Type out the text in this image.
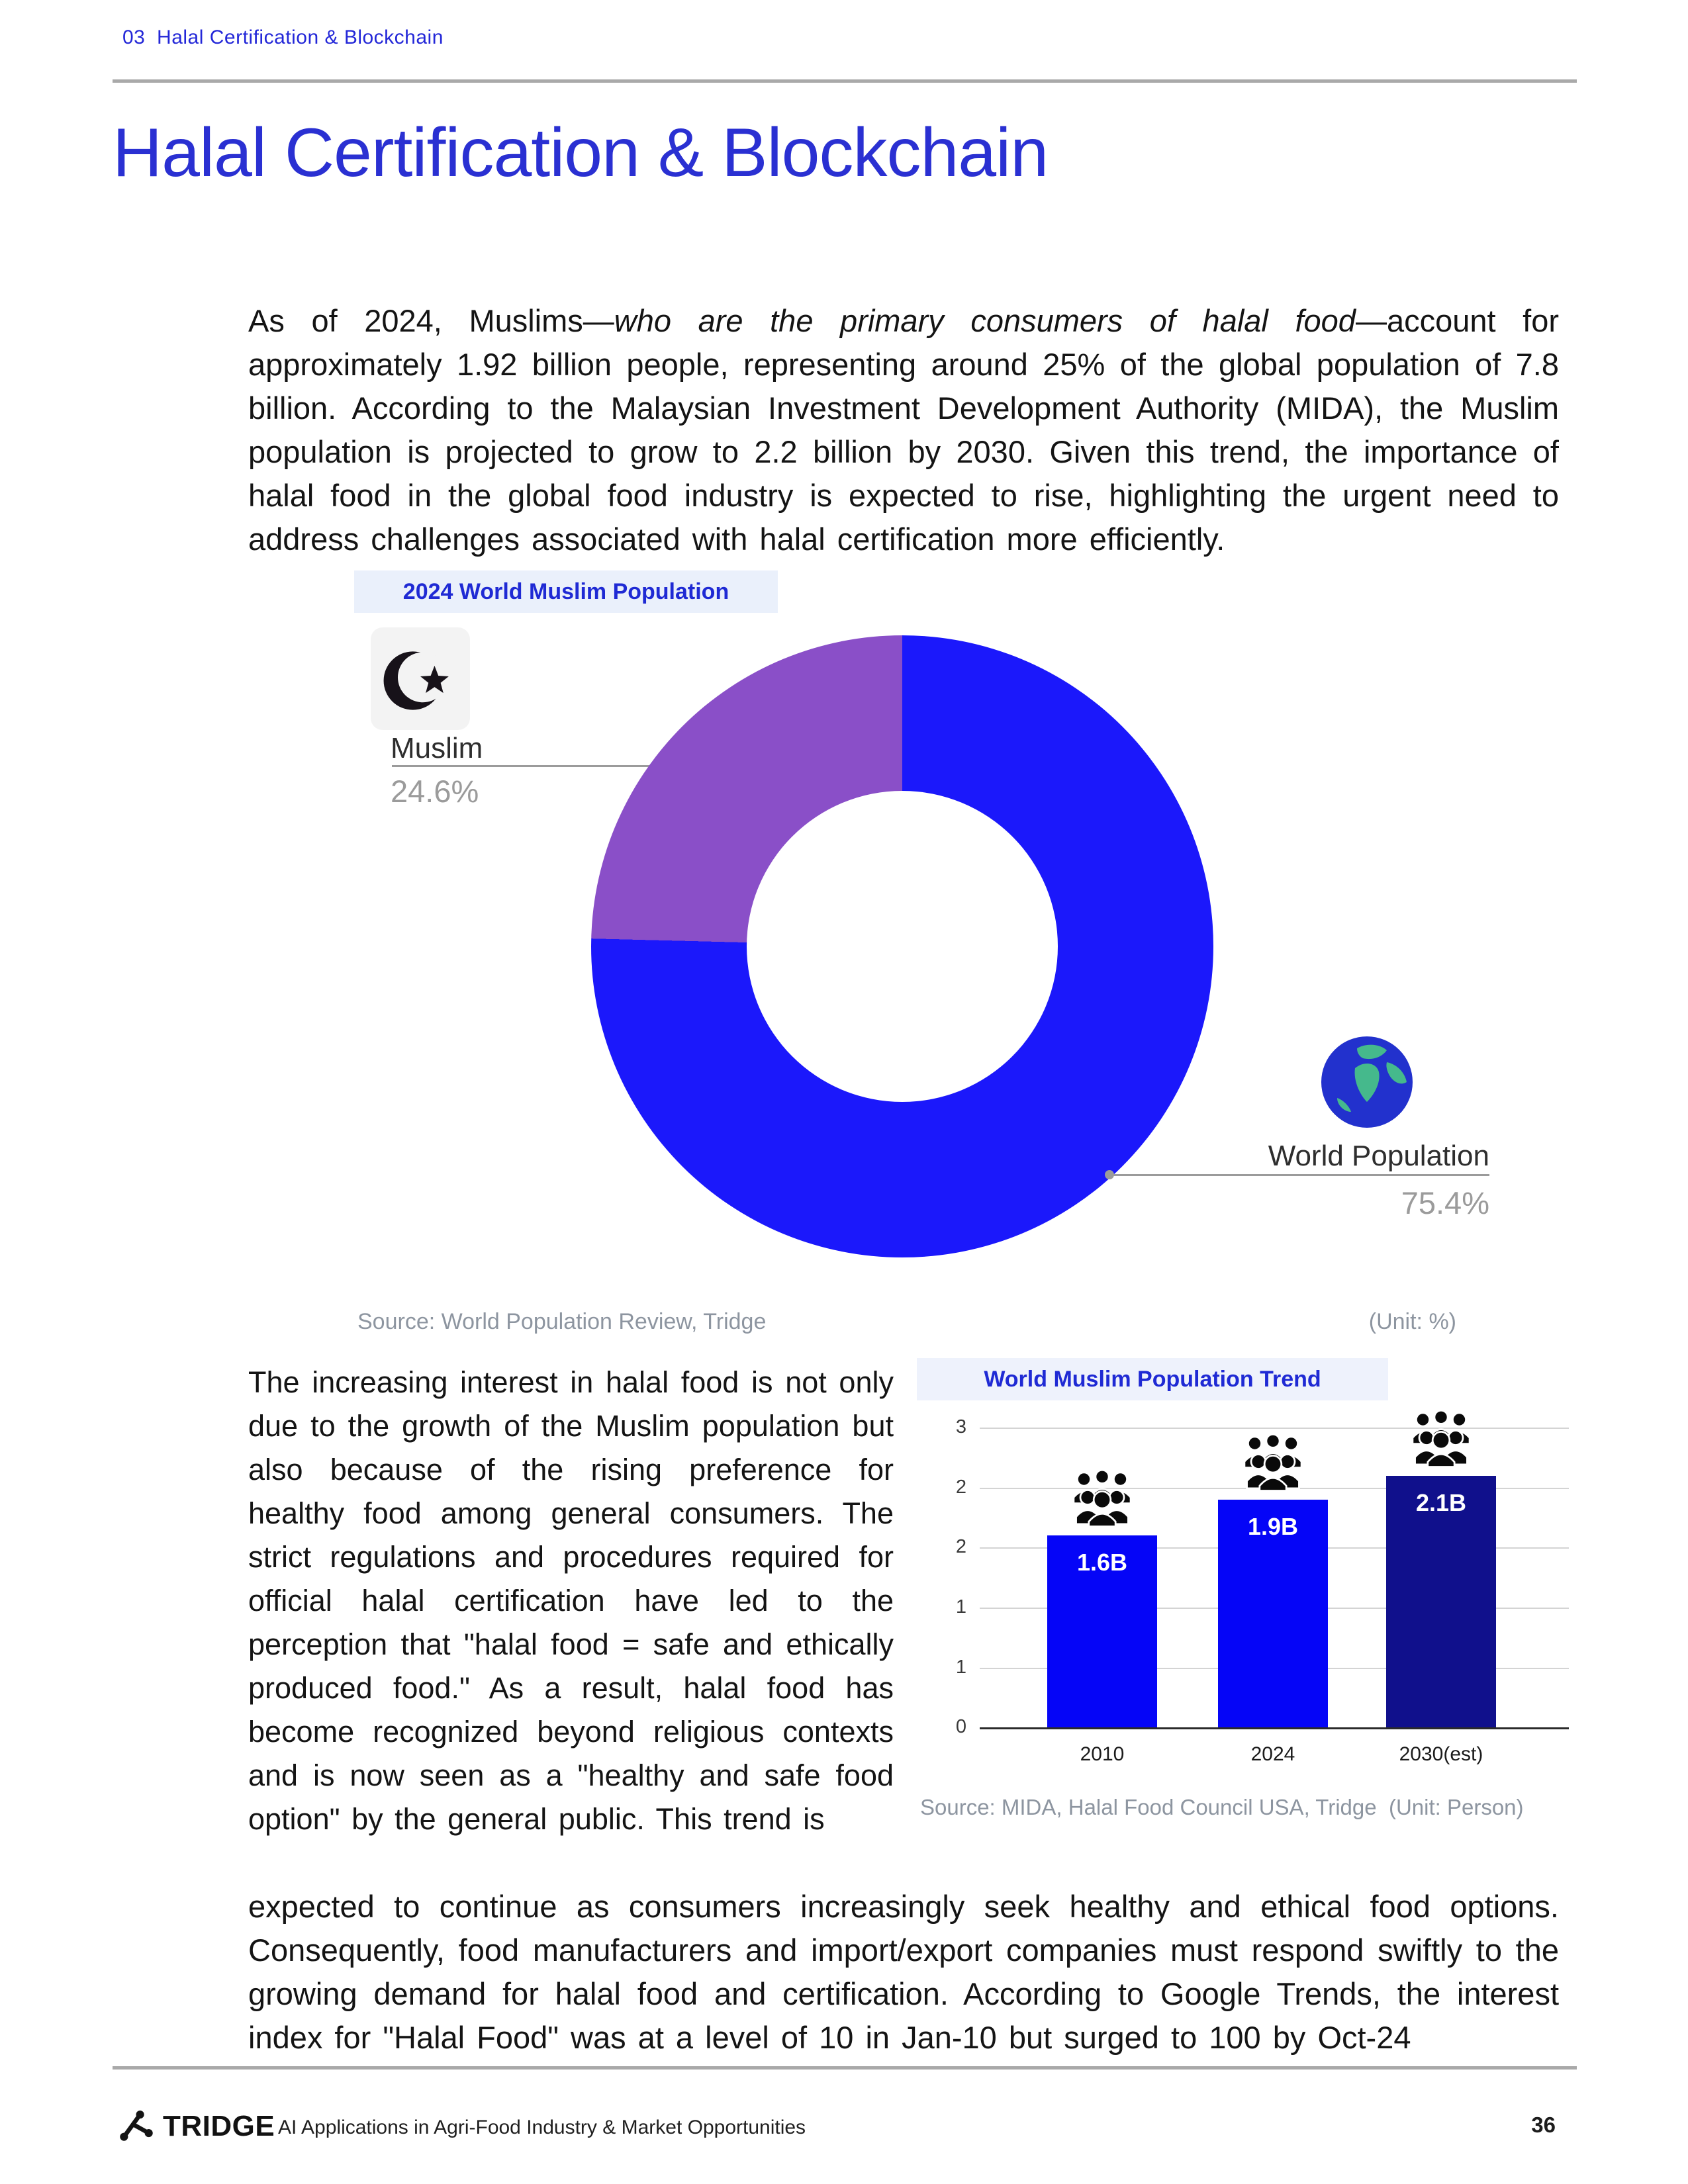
03 Halal Certification & Blockchain
Halal Certification & Blockchain
As of 2024, Muslims—who are the primary consumers of halal food—account for approximately 1.92 billion people, representing around 25% of the global population of 7.8 billion. According to the Malaysian Investment Development Authority (MIDA), the Muslim population is projected to grow to 2.2 billion by 2030. Given this trend, the importance of halal food in the global food industry is expected to rise, highlighting the urgent need to address challenges associated with halal certification more efficiently.
2024 World Muslim Population
Muslim
24.6%
World Population
75.4%
Source: World Population Review, Tridge	(Unit: %)
The increasing interest in halal food is not only due to the growth of the Muslim population but also because of the rising preference for healthy food among general consumers. The strict regulations and procedures required for official halal certification have led to the perception that "halal food = safe and ethically produced food." As a result, halal food has become recognized beyond religious contexts and is now seen as a "healthy and safe food option" by the general public. This trend is
World Muslim Population Trend
3
2
2
1
1
0
1.6B
1.9B
2.1B
2010	2024	2030(est)
Source: MIDA, Halal Food Council USA, Tridge (Unit: Person)
expected to continue as consumers increasingly seek healthy and ethical food options. Consequently, food manufacturers and import/export companies must respond swiftly to the growing demand for halal food and certification. According to Google Trends, the interest index for "Halal Food" was at a level of 10 in Jan-10 but surged to 100 by Oct-24
TRIDGE AI Applications in Agri-Food Industry & Market Opportunities	36
